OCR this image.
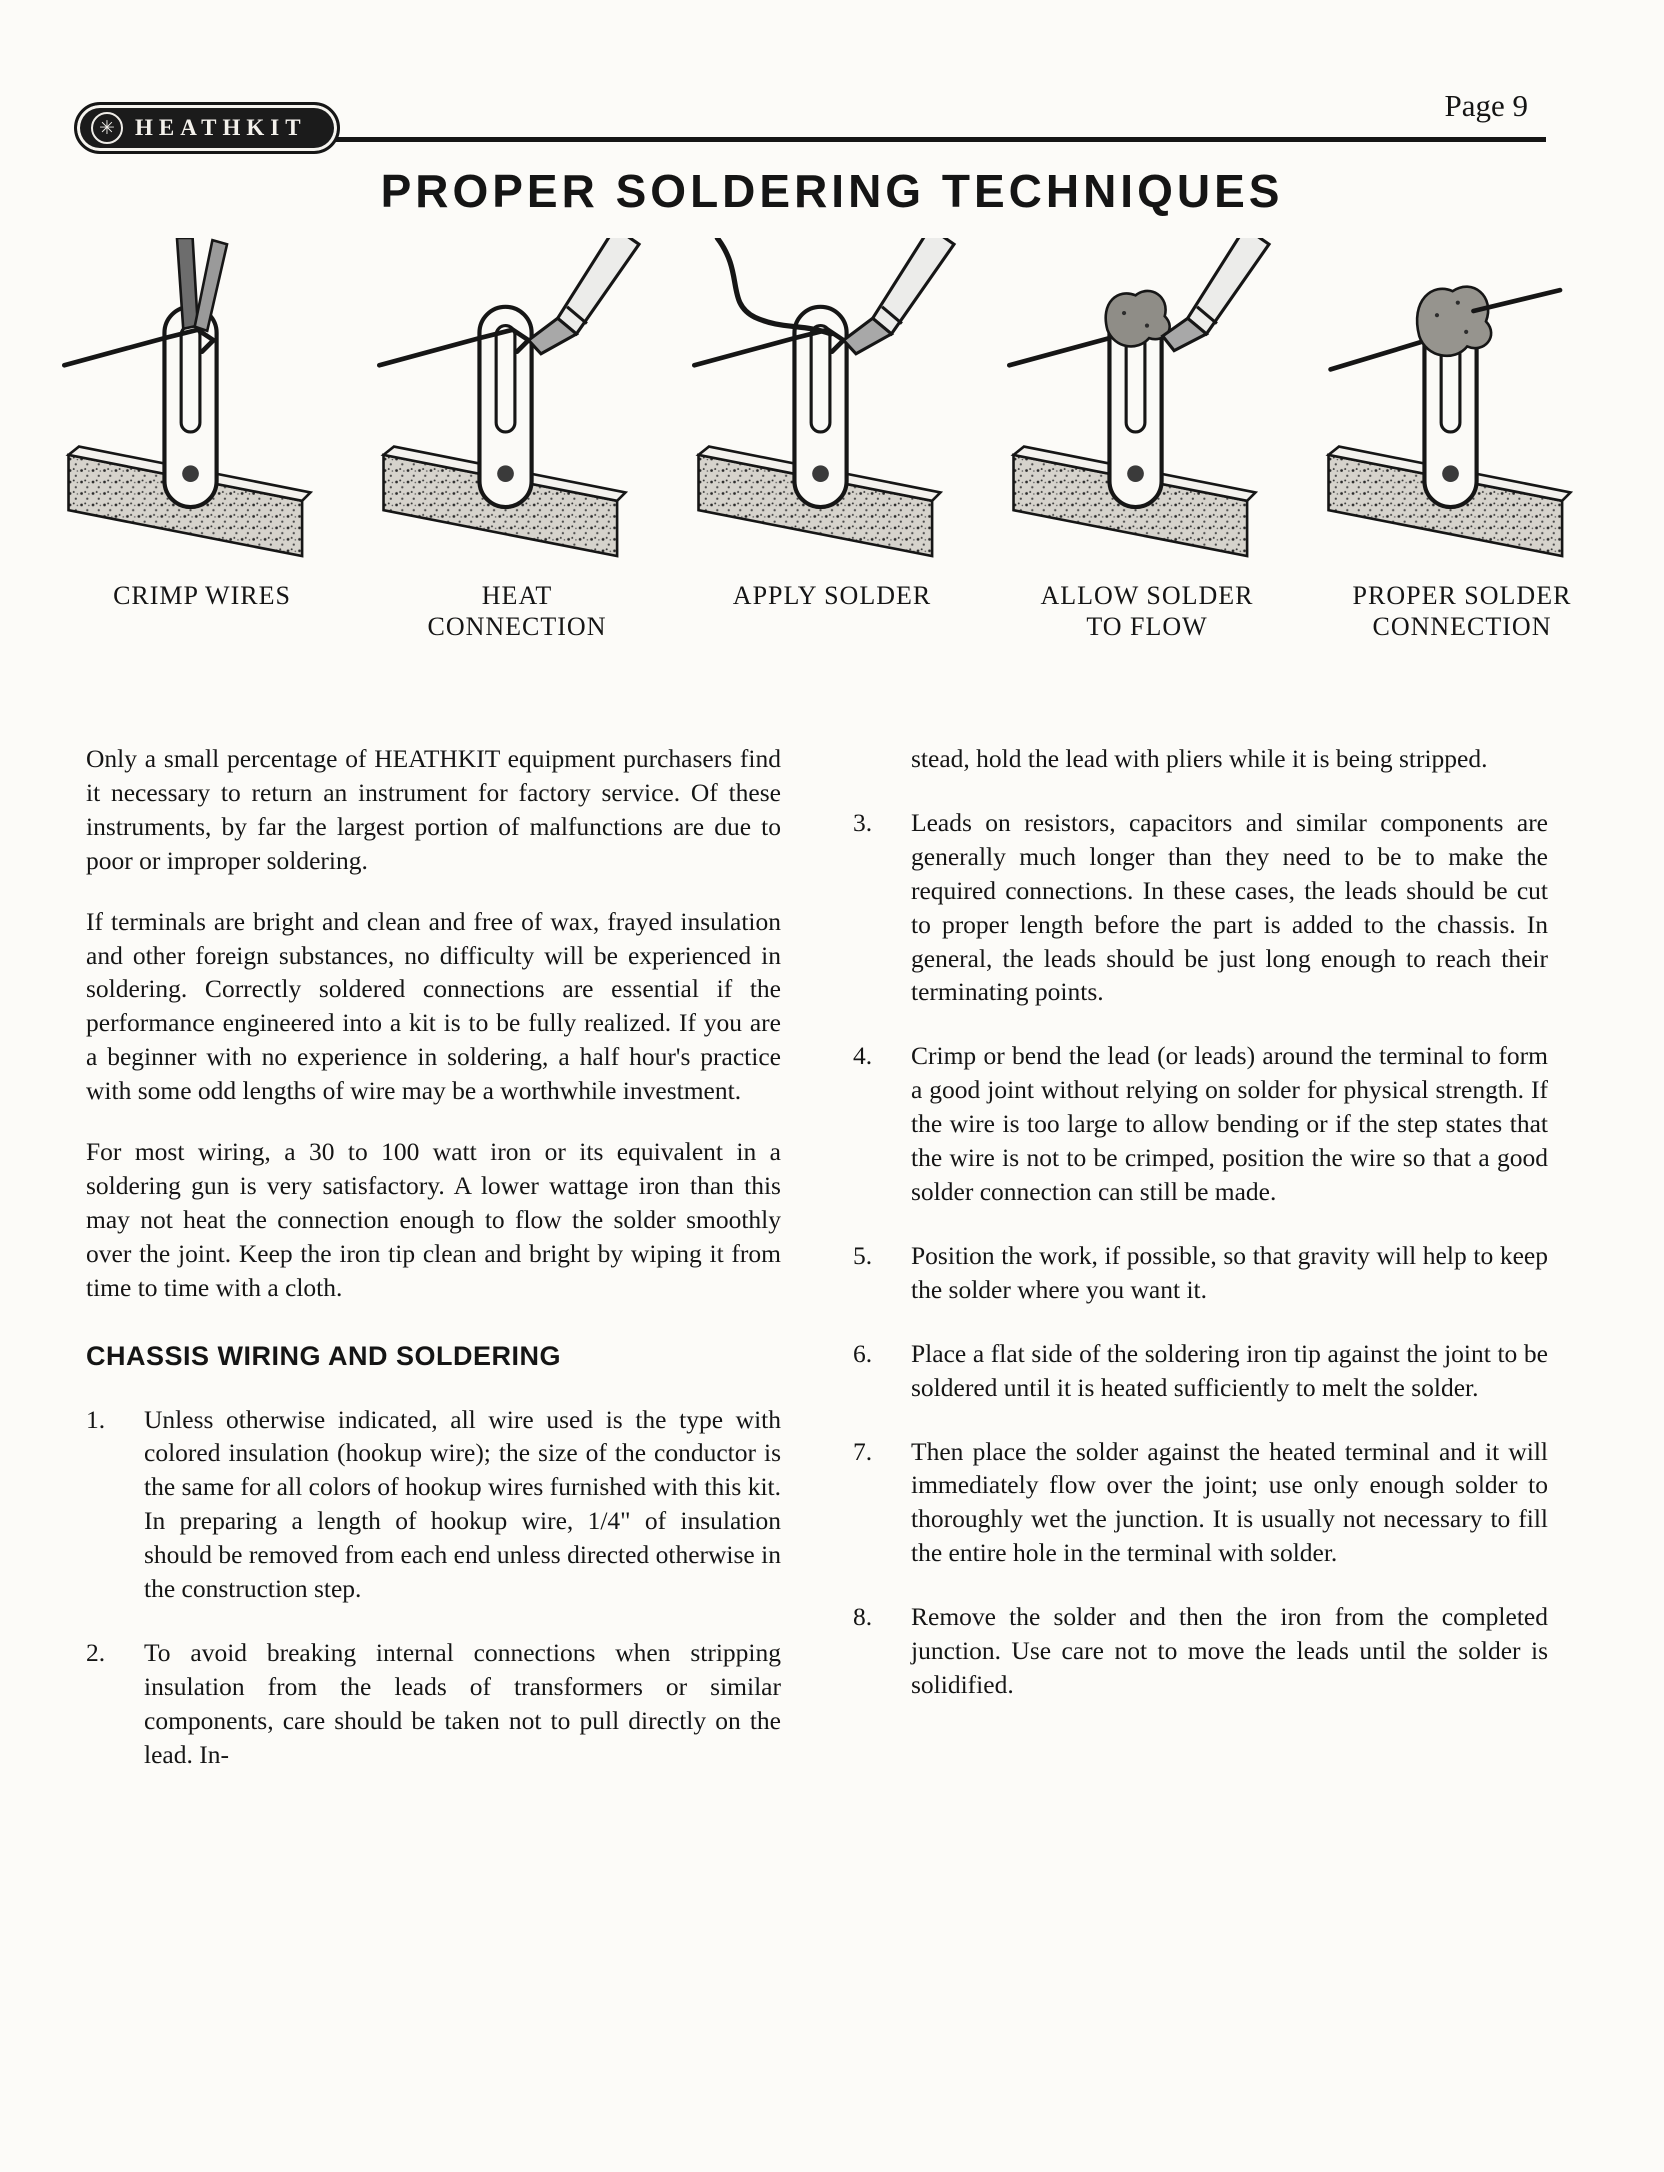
✳ HEATHKIT
Page 9
PROPER SOLDERING TECHNIQUES
CRIMP WIRES	HEAT CONNECTION
APPLY SOLDER	ALLOW SOLDER TO FLOW
PROPER SOLDER CONNECTION

Only a small percentage of HEATHKIT equipment purchasers find it necessary to return an instrument for factory service. Of these instruments, by far the largest portion of malfunctions are due to poor or improper soldering.

If terminals are bright and clean and free of wax, frayed insulation and other foreign substances, no difficulty will be experienced in soldering. Correctly soldered connections are essential if the performance engineered into a kit is to be fully realized. If you are a beginner with no experience in soldering, a half hour's practice with some odd lengths of wire may be a worthwhile investment.

For most wiring, a 30 to 100 watt iron or its equivalent in a soldering gun is very satisfactory. A lower wattage iron than this may not heat the connection enough to flow the solder smoothly over the joint. Keep the iron tip clean and bright by wiping it from time to time with a cloth.

CHASSIS WIRING AND SOLDERING
1.	Unless otherwise indicated, all wire used is the type with colored insulation (hookup wire); the size of the conductor is the same for all colors of hookup wires furnished with this kit. In preparing a length of hookup wire, 1/4" of insulation should be removed from each end unless directed otherwise in the construction step.
2.	To avoid breaking internal connections when stripping insulation from the leads of transformers or similar components, care should be taken not to pull directly on the lead. In-

stead, hold the lead with pliers while it is being stripped.

3.	Leads on resistors, capacitors and similar components are generally much longer than they need to be to make the required connections. In these cases, the leads should be cut to proper length before the part is added to the chassis. In general, the leads should be just long enough to reach their terminating points.
4.	Crimp or bend the lead (or leads) around the terminal to form a good joint without relying on solder for physical strength. If the wire is too large to allow bending or if the step states that the wire is not to be crimped, position the wire so that a good solder connection can still be made.
5.	Position the work, if possible, so that gravity will help to keep the solder where you want it.
6.	Place a flat side of the soldering iron tip against the joint to be soldered until it is heated sufficiently to melt the solder.
7.	Then place the solder against the heated terminal and it will immediately flow over the joint; use only enough solder to thoroughly wet the junction. It is usually not necessary to fill the entire hole in the terminal with solder.
8.	Remove the solder and then the iron from the completed junction. Use care not to move the leads until the solder is solidified.
